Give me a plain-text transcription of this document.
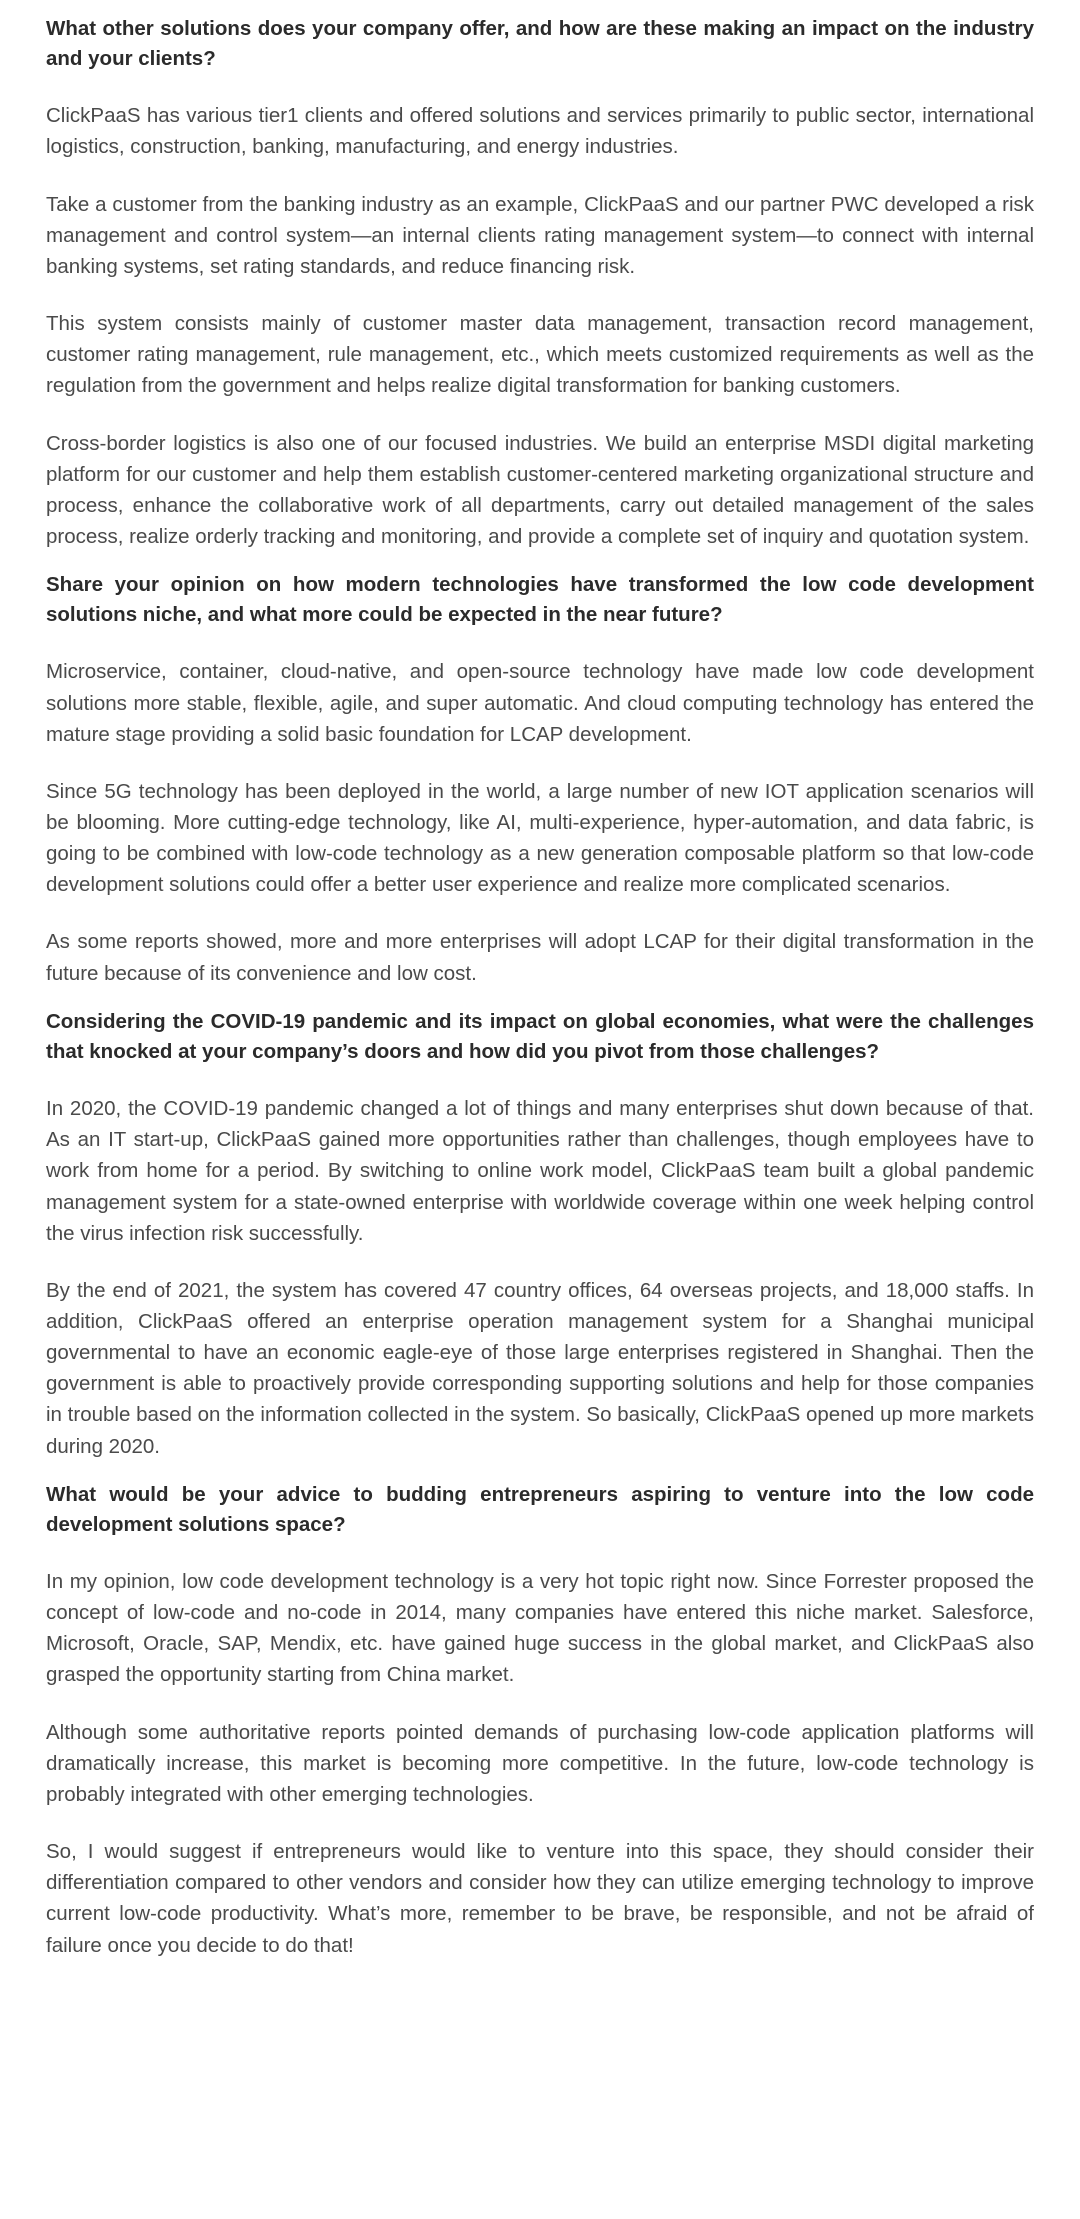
What other solutions does your company offer, and how are these making an impact on the industry and your clients?

ClickPaaS has various tier1 clients and offered solutions and services primarily to public sector, international logistics, construction, banking, manufacturing, and energy industries.

Take a customer from the banking industry as an example, ClickPaaS and our partner PWC developed a risk management and control system—an internal clients rating management system—to connect with internal banking systems, set rating standards, and reduce financing risk.

This system consists mainly of customer master data management, transaction record management, customer rating management, rule management, etc., which meets customized requirements as well as the regulation from the government and helps realize digital transformation for banking customers.

Cross-border logistics is also one of our focused industries. We build an enterprise MSDI digital marketing platform for our customer and help them establish customer-centered marketing organizational structure and process, enhance the collaborative work of all departments, carry out detailed management of the sales process, realize orderly tracking and monitoring, and provide a complete set of inquiry and quotation system.

Share your opinion on how modern technologies have transformed the low code development solutions niche, and what more could be expected in the near future?

Microservice, container, cloud-native, and open-source technology have made low code development solutions more stable, flexible, agile, and super automatic. And cloud computing technology has entered the mature stage providing a solid basic foundation for LCAP development.

Since 5G technology has been deployed in the world, a large number of new IOT application scenarios will be blooming. More cutting-edge technology, like AI, multi-experience, hyper-automation, and data fabric, is going to be combined with low-code technology as a new generation composable platform so that low-code development solutions could offer a better user experience and realize more complicated scenarios.

As some reports showed, more and more enterprises will adopt LCAP for their digital transformation in the future because of its convenience and low cost.

Considering the COVID-19 pandemic and its impact on global economies, what were the challenges that knocked at your company’s doors and how did you pivot from those challenges?

In 2020, the COVID-19 pandemic changed a lot of things and many enterprises shut down because of that. As an IT start-up, ClickPaaS gained more opportunities rather than challenges, though employees have to work from home for a period. By switching to online work model, ClickPaaS team built a global pandemic management system for a state-owned enterprise with worldwide coverage within one week helping control the virus infection risk successfully.

By the end of 2021, the system has covered 47 country offices, 64 overseas projects, and 18,000 staffs. In addition, ClickPaaS offered an enterprise operation management system for a Shanghai municipal governmental to have an economic eagle-eye of those large enterprises registered in Shanghai. Then the government is able to proactively provide corresponding supporting solutions and help for those companies in trouble based on the information collected in the system. So basically, ClickPaaS opened up more markets during 2020.

What would be your advice to budding entrepreneurs aspiring to venture into the low code development solutions space?

In my opinion, low code development technology is a very hot topic right now. Since Forrester proposed the concept of low-code and no-code in 2014, many companies have entered this niche market. Salesforce, Microsoft, Oracle, SAP, Mendix, etc. have gained huge success in the global market, and ClickPaaS also grasped the opportunity starting from China market.

Although some authoritative reports pointed demands of purchasing low-code application platforms will dramatically increase, this market is becoming more competitive. In the future, low-code technology is probably integrated with other emerging technologies.

So, I would suggest if entrepreneurs would like to venture into this space, they should consider their differentiation compared to other vendors and consider how they can utilize emerging technology to improve current low-code productivity. What’s more, remember to be brave, be responsible, and not be afraid of failure once you decide to do that!
